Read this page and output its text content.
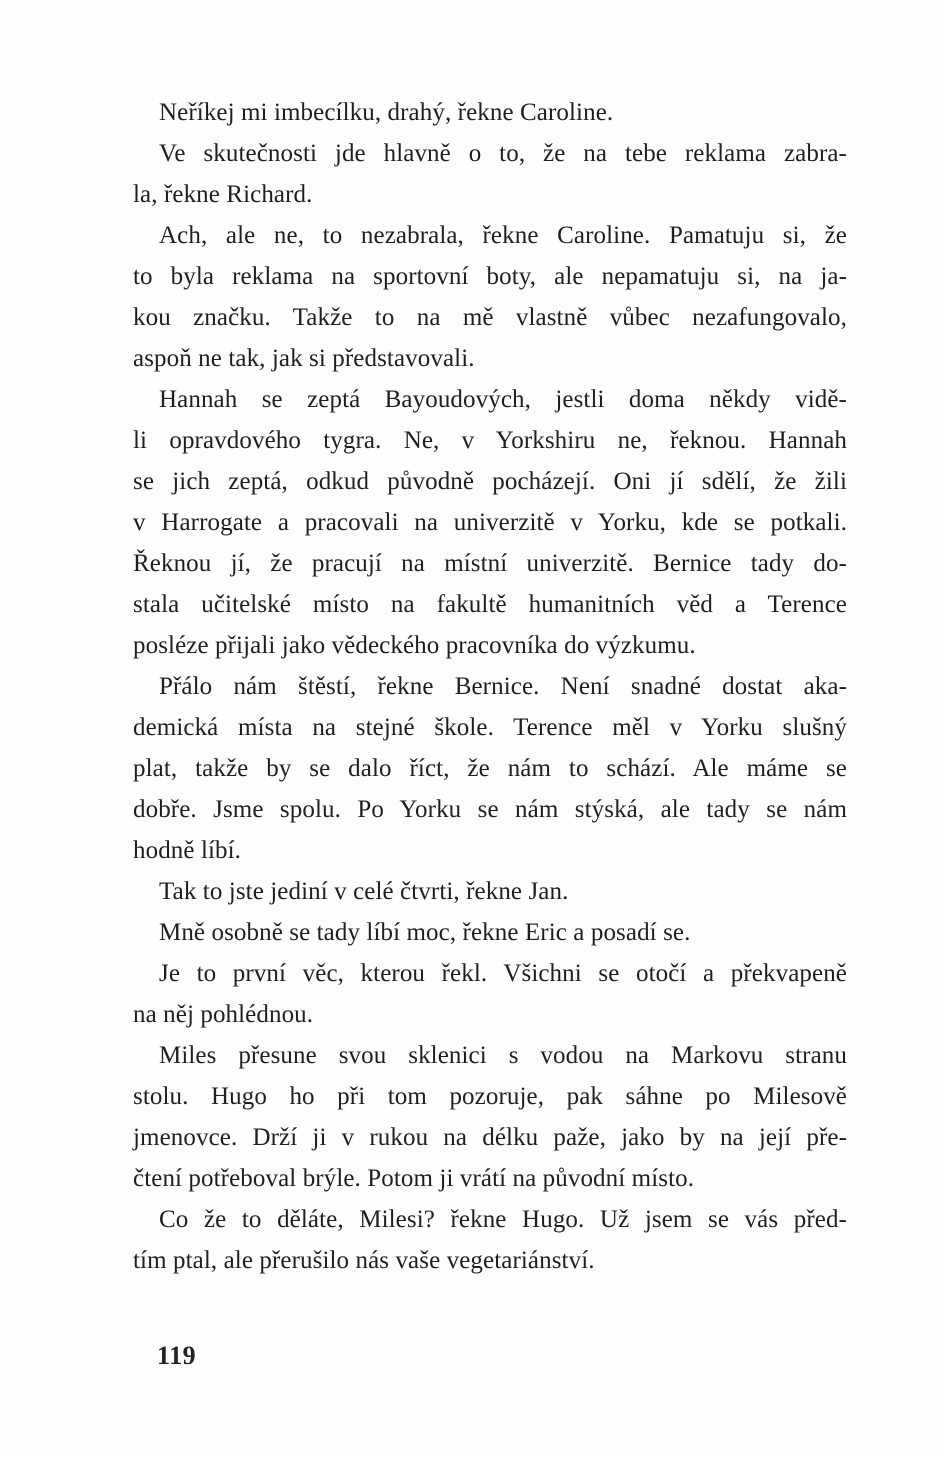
Neříkej mi imbecílku, drahý, řekne Caroline.
Ve skutečnosti jde hlavně o to, že na tebe reklama zabra-
la, řekne Richard.
Ach, ale ne, to nezabrala, řekne Caroline. Pamatuju si, že
to byla reklama na sportovní boty, ale nepamatuju si, na ja-
kou značku. Takže to na mě vlastně vůbec nezafungovalo,
aspoň ne tak, jak si představovali.
Hannah se zeptá Bayoudových, jestli doma někdy vidě-
li opravdového tygra. Ne, v Yorkshiru ne, řeknou. Hannah
se jich zeptá, odkud původně pocházejí. Oni jí sdělí, že žili
v Harrogate a pracovali na univerzitě v Yorku, kde se potkali.
Řeknou jí, že pracují na místní univerzitě. Bernice tady do-
stala učitelské místo na fakultě humanitních věd a Terence
posléze přijali jako vědeckého pracovníka do výzkumu.
Přálo nám štěstí, řekne Bernice. Není snadné dostat aka-
demická místa na stejné škole. Terence měl v Yorku slušný
plat, takže by se dalo říct, že nám to schází. Ale máme se
dobře. Jsme spolu. Po Yorku se nám stýská, ale tady se nám
hodně líbí.
Tak to jste jediní v celé čtvrti, řekne Jan.
Mně osobně se tady líbí moc, řekne Eric a posadí se.
Je to první věc, kterou řekl. Všichni se otočí a překvapeně
na něj pohlédnou.
Miles přesune svou sklenici s vodou na Markovu stranu
stolu. Hugo ho při tom pozoruje, pak sáhne po Milesově
jmenovce. Drží ji v rukou na délku paže, jako by na její pře-
čtení potřeboval brýle. Potom ji vrátí na původní místo.
Co že to děláte, Milesi? řekne Hugo. Už jsem se vás před-
tím ptal, ale přerušilo nás vaše vegetariánství.
119
